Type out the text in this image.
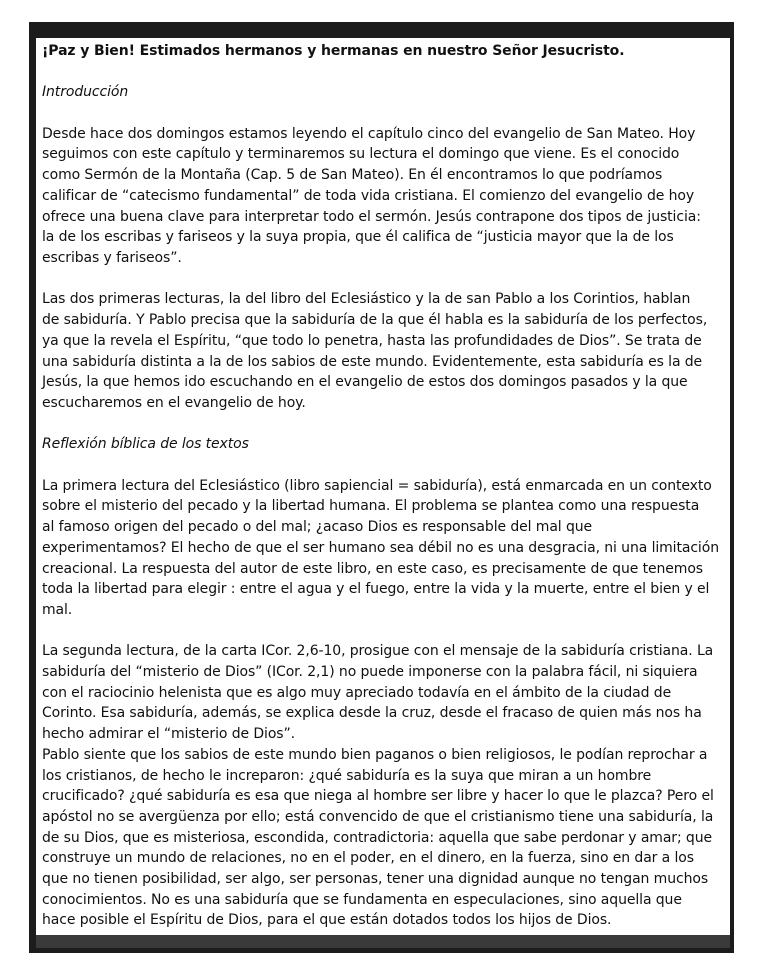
¡Paz y Bien! Estimados hermanos y hermanas en nuestro Señor Jesucristo.
Introducción
Desde hace dos domingos estamos leyendo el capítulo cinco del evangelio de San Mateo. Hoy
seguimos con este capítulo y terminaremos su lectura el domingo que viene. Es el conocido
como Sermón de la Montaña (Cap. 5 de San Mateo). En él encontramos lo que podríamos
calificar de “catecismo fundamental” de toda vida cristiana. El comienzo del evangelio de hoy
ofrece una buena clave para interpretar todo el sermón. Jesús contrapone dos tipos de justicia:
la de los escribas y fariseos y la suya propia, que él califica de “justicia mayor que la de los
escribas y fariseos”.
Las dos primeras lecturas, la del libro del Eclesiástico y la de san Pablo a los Corintios, hablan
de sabiduría. Y Pablo precisa que la sabiduría de la que él habla es la sabiduría de los perfectos,
ya que la revela el Espíritu, “que todo lo penetra, hasta las profundidades de Dios”. Se trata de
una sabiduría distinta a la de los sabios de este mundo. Evidentemente, esta sabiduría es la de
Jesús, la que hemos ido escuchando en el evangelio de estos dos domingos pasados y la que
escucharemos en el evangelio de hoy.
Reflexión bíblica de los textos
La primera lectura del Eclesiástico (libro sapiencial = sabiduría), está enmarcada en un contexto
sobre el misterio del pecado y la libertad humana. El problema se plantea como una respuesta
al famoso origen del pecado o del mal; ¿acaso Dios es responsable del mal que
experimentamos? El hecho de que el ser humano sea débil no es una desgracia, ni una limitación
creacional. La respuesta del autor de este libro, en este caso, es precisamente de que tenemos
toda la libertad para elegir : entre el agua y el fuego, entre la vida y la muerte, entre el bien y el
mal.
La segunda lectura, de la carta ICor. 2,6-10, prosigue con el mensaje de la sabiduría cristiana. La
sabiduría del “misterio de Dios” (ICor. 2,1) no puede imponerse con la palabra fácil, ni siquiera
con el raciocinio helenista que es algo muy apreciado todavía en el ámbito de la ciudad de
Corinto. Esa sabiduría, además, se explica desde la cruz, desde el fracaso de quien más nos ha
hecho admirar el “misterio de Dios”.
Pablo siente que los sabios de este mundo bien paganos o bien religiosos, le podían reprochar a
los cristianos, de hecho le increparon: ¿qué sabiduría es la suya que miran a un hombre
crucificado? ¿qué sabiduría es esa que niega al hombre ser libre y hacer lo que le plazca? Pero el
apóstol no se avergüenza por ello; está convencido de que el cristianismo tiene una sabiduría, la
de su Dios, que es misteriosa, escondida, contradictoria: aquella que sabe perdonar y amar; que
construye un mundo de relaciones, no en el poder, en el dinero, en la fuerza, sino en dar a los
que no tienen posibilidad, ser algo, ser personas, tener una dignidad aunque no tengan muchos
conocimientos. No es una sabiduría que se fundamenta en especulaciones, sino aquella que
hace posible el Espíritu de Dios, para el que están dotados todos los hijos de Dios.
